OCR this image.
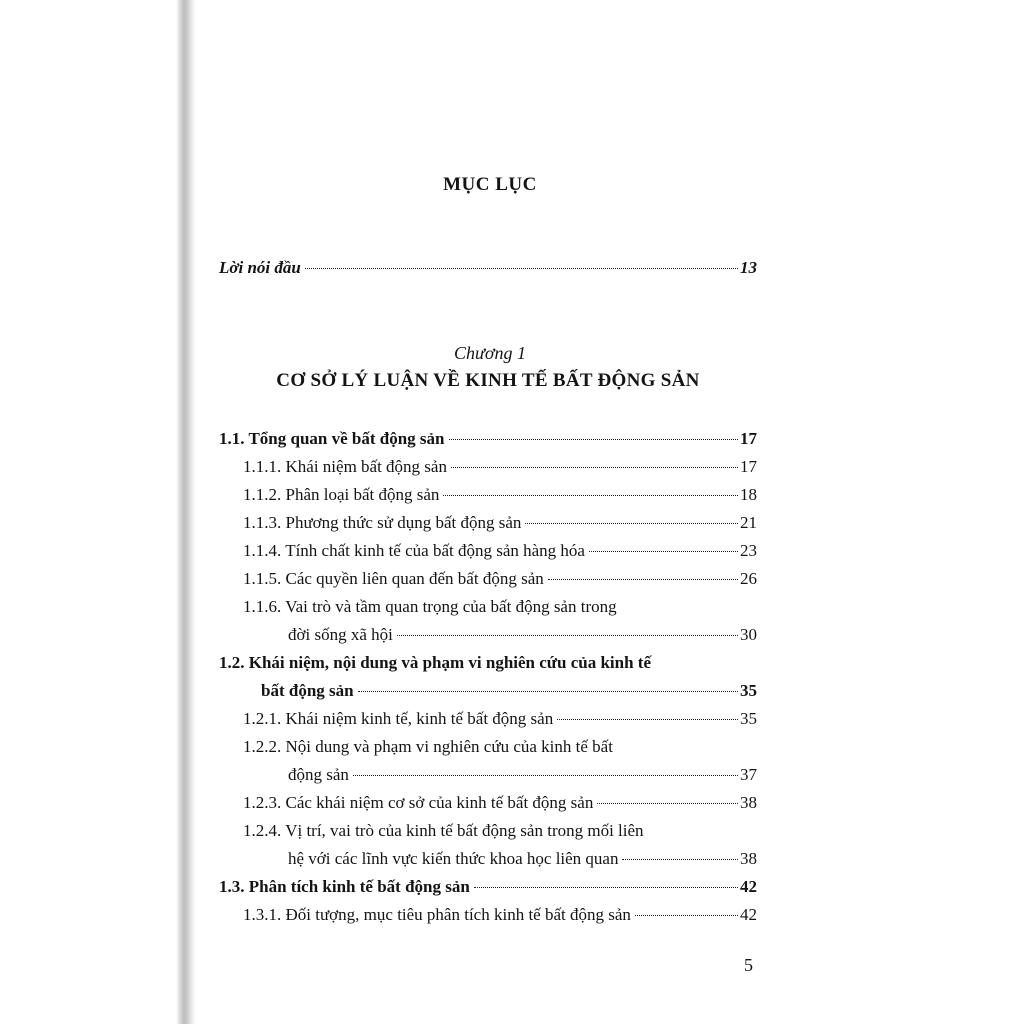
MỤC LỤC
Lời nói đầu	13
Chương 1
CƠ SỞ LÝ LUẬN VỀ KINH TẾ BẤT ĐỘNG SẢN
1.1. Tổng quan về bất động sản	17
1.1.1. Khái niệm bất động sản	17
1.1.2. Phân loại bất động sản	18
1.1.3. Phương thức sử dụng bất động sản	21
1.1.4. Tính chất kinh tế của bất động sản hàng hóa	23
1.1.5. Các quyền liên quan đến bất động sản	26
1.1.6. Vai trò và tầm quan trọng của bất động sản trong
đời sống xã hội	30
1.2. Khái niệm, nội dung và phạm vi nghiên cứu của kinh tế
bất động sản	35
1.2.1. Khái niệm kinh tế, kinh tế bất động sản	35
1.2.2. Nội dung và phạm vi nghiên cứu của kinh tế bất
động sản	37
1.2.3. Các khái niệm cơ sở của kinh tế bất động sản	38
1.2.4. Vị trí, vai trò của kinh tế bất động sản trong mối liên
hệ với các lĩnh vực kiến thức khoa học liên quan	38
1.3. Phân tích kinh tế bất động sản	42
1.3.1. Đối tượng, mục tiêu phân tích kinh tế bất động sản	42
5
